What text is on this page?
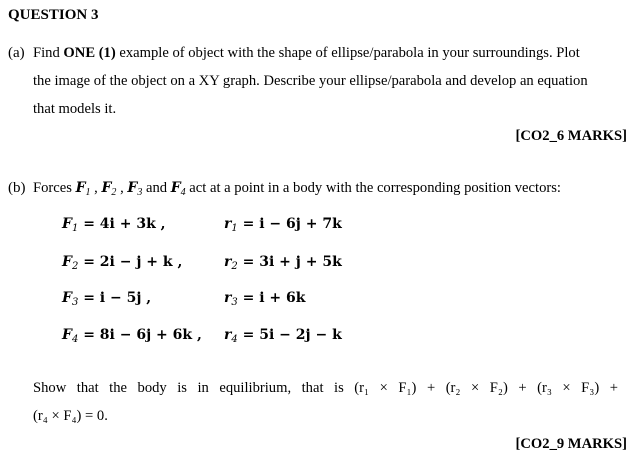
QUESTION 3
(a) Find ONE (1) example of object with the shape of ellipse/parabola in your surroundings. Plot
the image of the object on a XY graph. Describe your ellipse/parabola and develop an equation
that models it.
[CO2_6 MARKS]
(b) Forces $F_1$ , $F_2$ , $F_3$ and $F_4$ act at a point in a body with the corresponding position vectors:
$F_1 = 4i + 3k$ ,
$F_2 = 2i - j + k$ ,
$F_3 = i - 5j$ ,
$F_4 = 8i - 6j + 6k$ ,
$r_1 = i - 6j + 7k$
$r_2 = 3i + j + 5k$
$r_3 = i + 6k$
$r_4 = 5i - 2j - k$
Show that the body is in equilibrium, that is (r₁ × F₁) + (r₂ × F₂) + (r₃ × F₃) +
(r₄ × F₄) = 0.
[CO2_9 MARKS]
